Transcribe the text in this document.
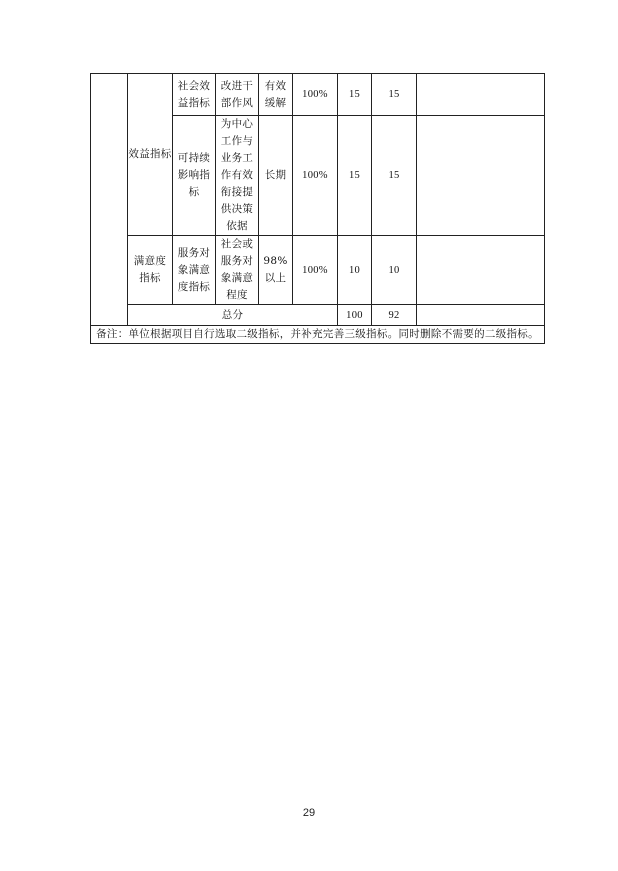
	效益指标	社会效益指标	改进干部作风	有效缓解	100%	15	15	
		可持续影响指标	为中心工作与业务工作有效衔接提供决策依据	长期	100%	15	15	
	满意度指标	服务对象满意度指标	社会或服务对象满意程度	98%以上	100%	10	10	
	总分					100	92	
备注：单位根据项目自行选取二级指标，并补充完善三级指标。同时删除不需要的二级指标。								
29
